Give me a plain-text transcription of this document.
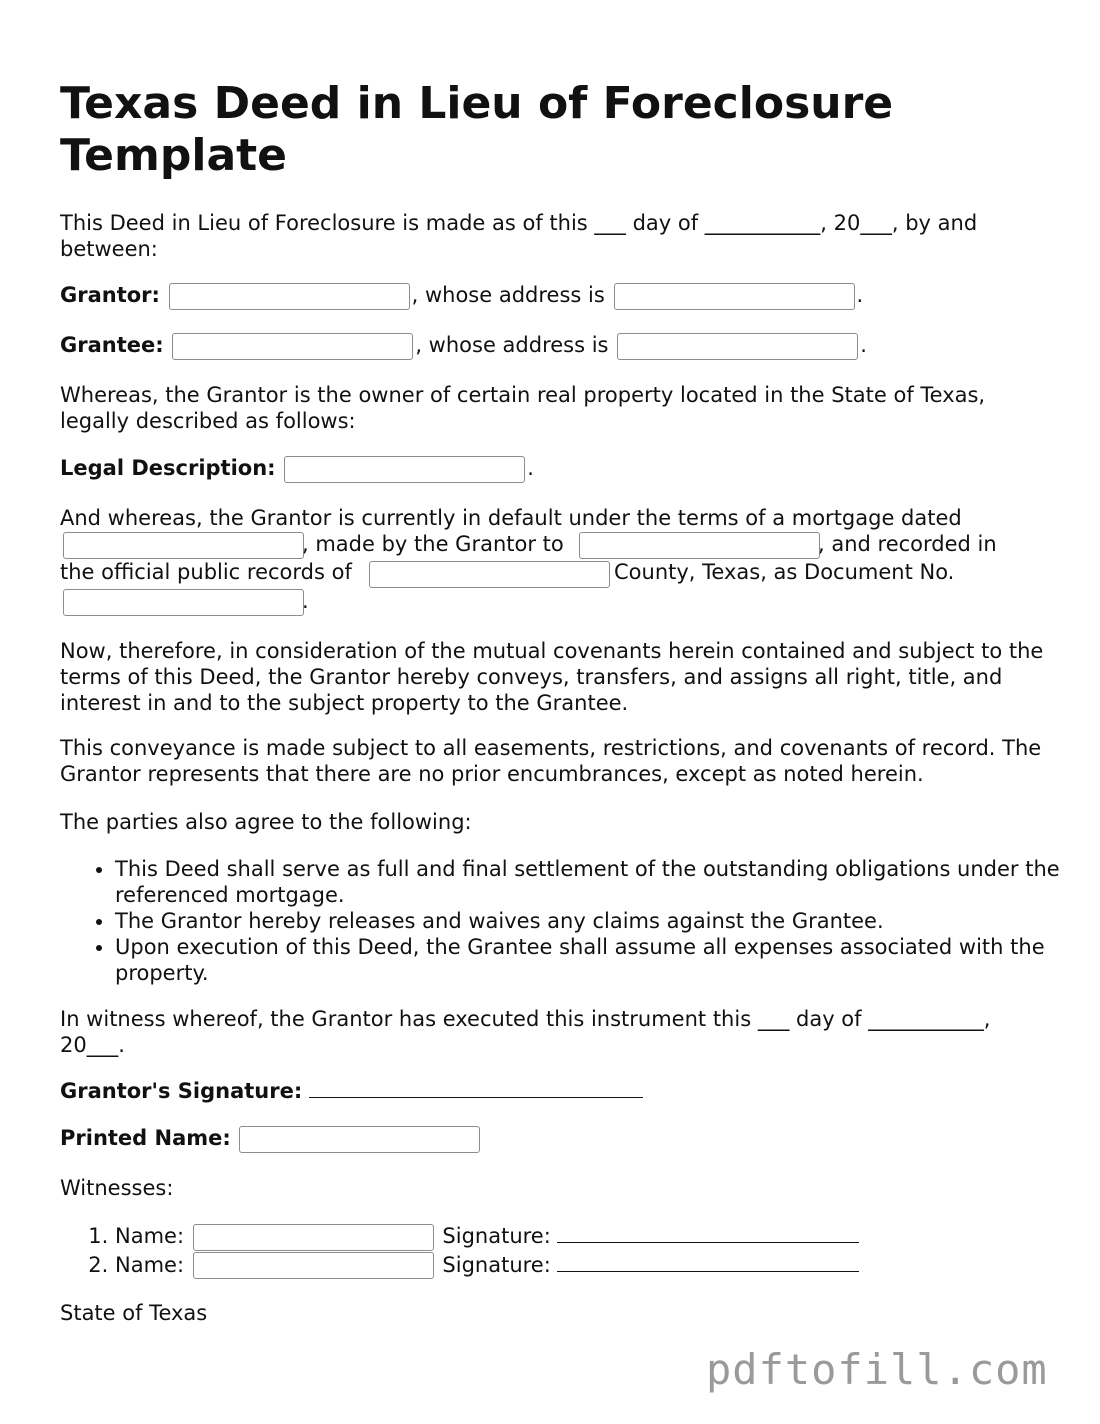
Texas Deed in Lieu of Foreclosure Template

This Deed in Lieu of Foreclosure is made as of this ___ day of ___________, 20___, by and between:

Grantor:	, whose address is	.
Grantee:	, whose address is	.

Whereas, the Grantor is the owner of certain real property located in the State of Texas, legally described as follows:

Legal Description:	.
And whereas, the Grantor is currently in default under the terms of a mortgage dated
, made by the Grantor to	, and recorded in
the official public records of	County, Texas, as Document No.
.

Now, therefore, in consideration of the mutual covenants herein contained and subject to the terms of this Deed, the Grantor hereby conveys, transfers, and assigns all right, title, and interest in and to the subject property to the Grantee.

This conveyance is made subject to all easements, restrictions, and covenants of record. The Grantor represents that there are no prior encumbrances, except as noted herein.

The parties also agree to the following:

• This Deed shall serve as full and final settlement of the outstanding obligations under the referenced mortgage.
• The Grantor hereby releases and waives any claims against the Grantee.
• Upon execution of this Deed, the Grantee shall assume all expenses associated with the property.

In witness whereof, the Grantor has executed this instrument this ___ day of ___________, 20___.

Grantor's Signature:
Printed Name:
Witnesses:
1. Name:	Signature:
2. Name:	Signature:
State of Texas
pdftofill.com
